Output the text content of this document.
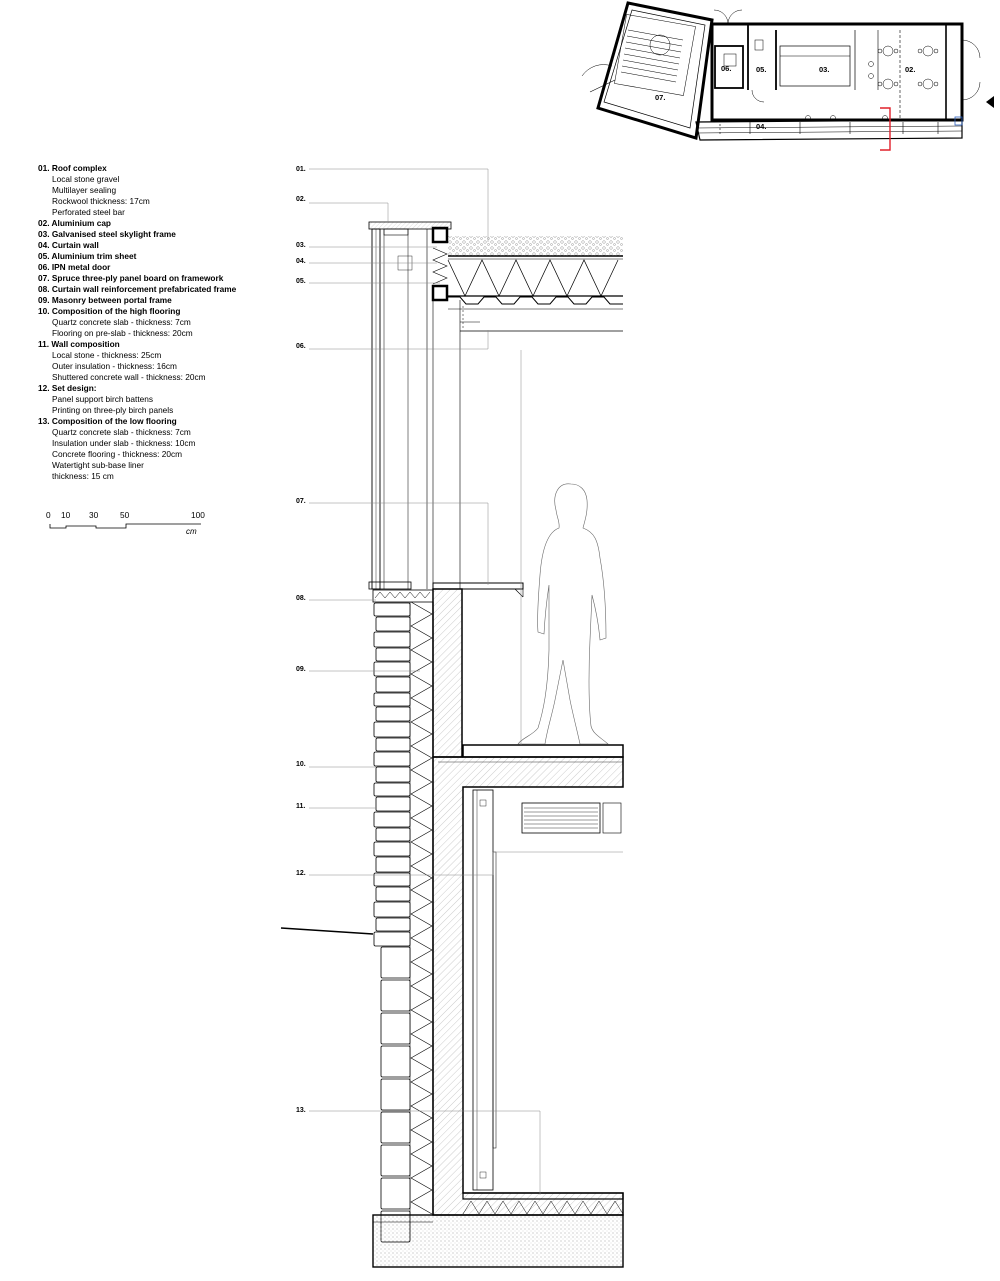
01. Roof complex
Local stone gravel
Multilayer sealing
Rockwool thickness: 17cm
Perforated steel bar
02. Aluminium cap
03. Galvanised steel skylight frame
04. Curtain wall
05. Aluminium trim sheet
06. IPN metal door
07. Spruce three-ply panel board on framework
08. Curtain wall reinforcement prefabricated frame
09. Masonry between portal frame
10. Composition of the high flooring
Quartz concrete slab - thickness: 7cm
Flooring on pre-slab - thickness: 20cm
11. Wall composition
Local stone - thickness: 25cm
Outer insulation - thickness: 16cm
Shuttered concrete wall - thickness: 20cm
12. Set design:
Panel support birch battens
Printing on three-ply birch panels
13. Composition of the low flooring
Quartz concrete slab - thickness: 7cm
Insulation under slab - thickness: 10cm
Concrete flooring - thickness: 20cm
Watertight sub-base liner
thickness: 15 cm
0 10 30	50	100
cm
07.
06.	05.	03.	02.
04.
01.
02.
03.
04.
05.
06.
07.
08.
09.
10.
11.
12.
13.
